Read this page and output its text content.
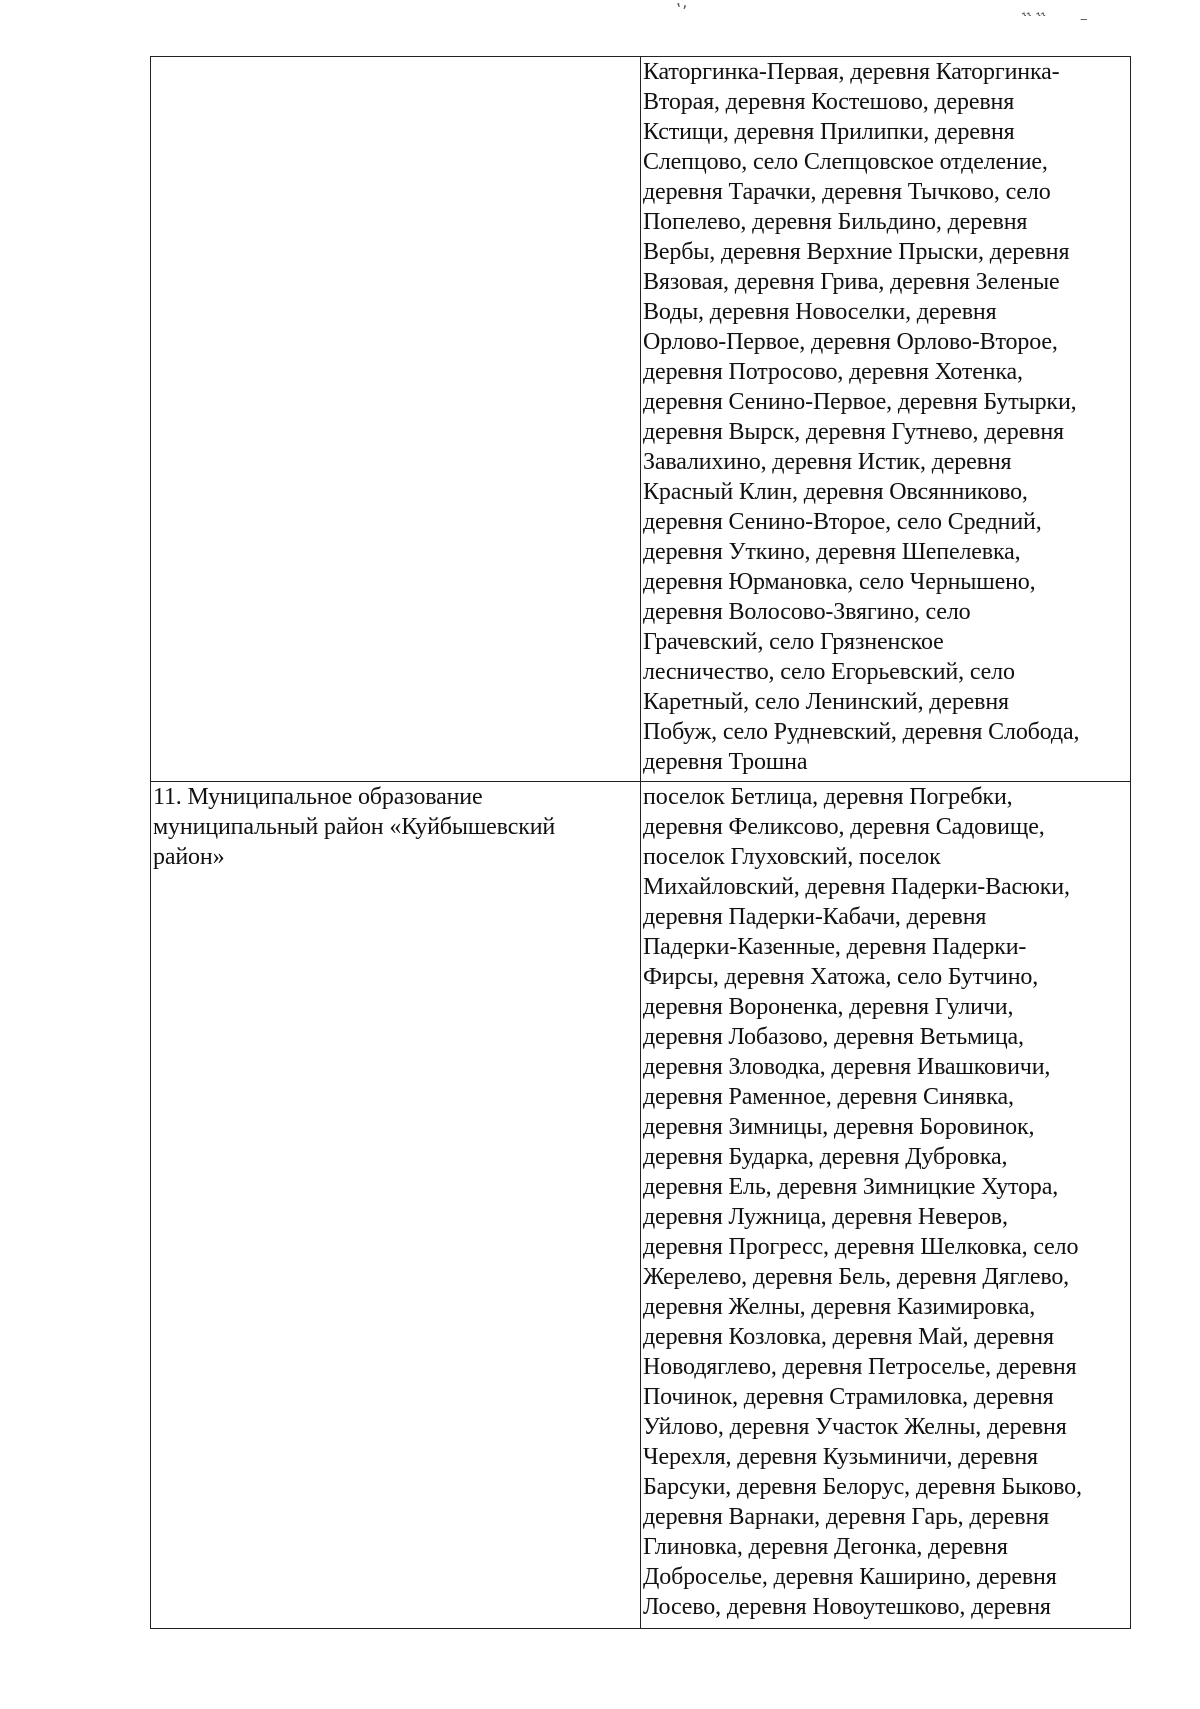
ʽʼ	˞˞ ˞˞	‒
Каторгинка-Первая, деревня Каторгинка-
Вторая, деревня Костешово, деревня
Кстищи, деревня Прилипки, деревня
Слепцово, село Слепцовское отделение,
деревня Тарачки, деревня Тычково, село
Попелево, деревня Бильдино, деревня
Вербы, деревня Верхние Прыски, деревня
Вязовая, деревня Грива, деревня Зеленые
Воды, деревня Новоселки, деревня
Орлово-Первое, деревня Орлово-Второе,
деревня Потросово, деревня Хотенка,
деревня Сенино-Первое, деревня Бутырки,
деревня Вырск, деревня Гутнево, деревня
Завалихино, деревня Истик, деревня
Красный Клин, деревня Овсянниково,
деревня Сенино-Второе, село Средний,
деревня Уткино, деревня Шепелевка,
деревня Юрмановка, село Чернышено,
деревня Волосово-Звягино, село
Грачевский, село Грязненское
лесничество, село Егорьевский, село
Каретный, село Ленинский, деревня
Побуж, село Рудневский, деревня Слобода,
деревня Трошна
11. Муниципальное образование
муниципальный район «Куйбышевский
район»
поселок Бетлица, деревня Погребки,
деревня Феликсово, деревня Садовище,
поселок Глуховский, поселок
Михайловский, деревня Падерки-Васюки,
деревня Падерки-Кабачи, деревня
Падерки-Казенные, деревня Падерки-
Фирсы, деревня Хатожа, село Бутчино,
деревня Вороненка, деревня Гуличи,
деревня Лобазово, деревня Ветьмица,
деревня Зловодка, деревня Ивашковичи,
деревня Раменное, деревня Синявка,
деревня Зимницы, деревня Боровинок,
деревня Бударка, деревня Дубровка,
деревня Ель, деревня Зимницкие Хутора,
деревня Лужница, деревня Неверов,
деревня Прогресс, деревня Шелковка, село
Жерелево, деревня Бель, деревня Дяглево,
деревня Желны, деревня Казимировка,
деревня Козловка, деревня Май, деревня
Новодяглево, деревня Петроселье, деревня
Починок, деревня Страмиловка, деревня
Уйлово, деревня Участок Желны, деревня
Черехля, деревня Кузьминичи, деревня
Барсуки, деревня Белорус, деревня Быково,
деревня Варнаки, деревня Гарь, деревня
Глиновка, деревня Дегонка, деревня
Доброселье, деревня Каширино, деревня
Лосево, деревня Новоутешково, деревня
